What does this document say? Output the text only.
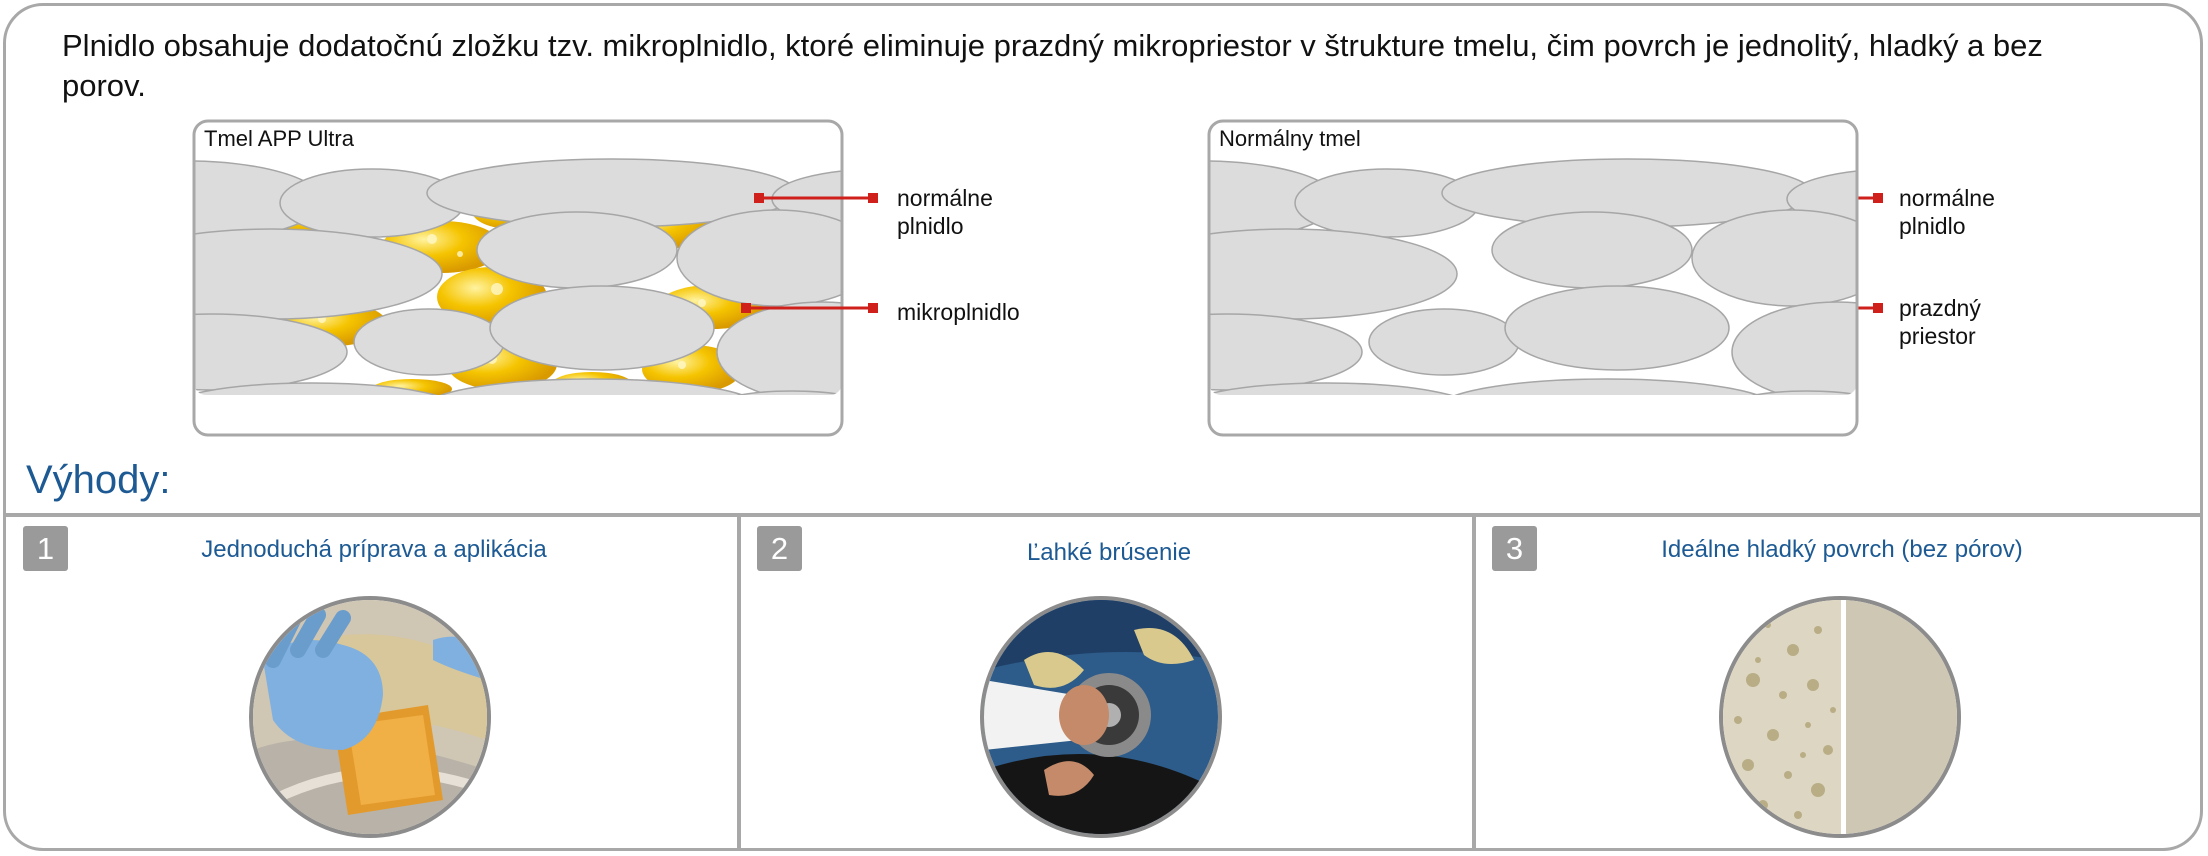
Plnidlo obsahuje dodatočnú zložku tzv. mikroplnidlo, ktoré eliminuje prazdný mikropriestor v štrukture tmelu, čim povrch je jednolitý, hladký a bez porov.
Tmel APP Ultra
normálne
plnidlo
mikroplnidlo
Normálny tmel
normálne
plnidlo
prazdný
priestor
Výhody:
1	Jednoduchá príprava a aplikácia	2	Ľahké brúsenie	3	Ideálne hladký povrch (bez pórov)
